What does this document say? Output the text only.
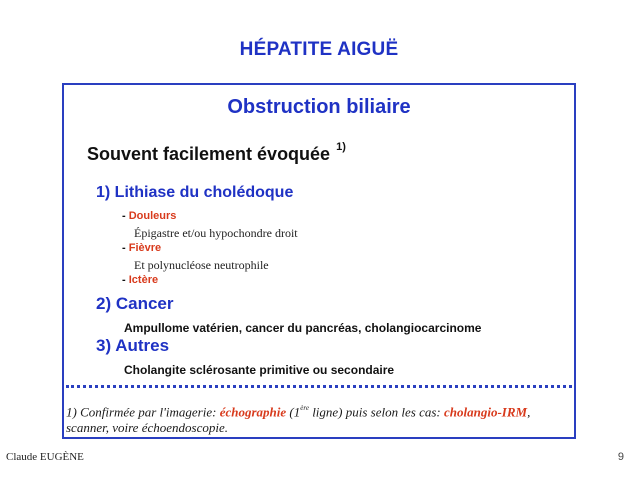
HÉPATITE AIGUË
Obstruction biliaire
Souvent facilement évoquée $^{1)}$
1) Lithiase du cholédoque
- Douleurs
Épigastre et/ou hypochondre droit
- Fièvre
Et polynucléose neutrophile
- Ictère
2) Cancer
Ampullome vatérien, cancer du pancréas, cholangiocarcinome
3) Autres
Cholangite sclérosante primitive ou secondaire
1) Confirmée par l'imagerie: échographie (1ère ligne) puis selon les cas: cholangio-IRM, scanner, voire échoendoscopie.
Claude EUGÈNE	9
